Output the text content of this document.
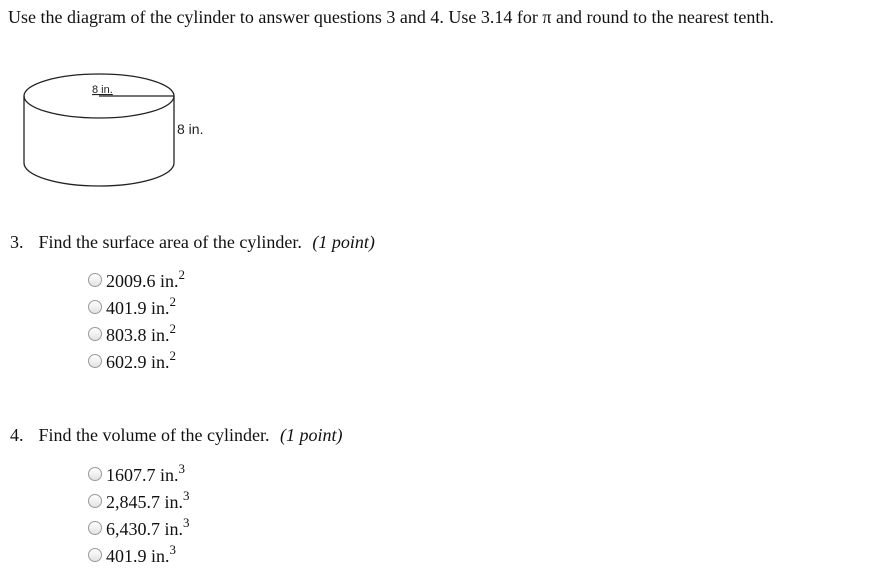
Use the diagram of the cylinder to answer questions 3 and 4. Use 3.14 for π and round to the nearest tenth.
8 in.
8 in.
3. Find the surface area of the cylinder. (1 point)
2009.6 in.$^2$
401.9 in.$^2$
803.8 in.$^2$
602.9 in.$^2$
4. Find the volume of the cylinder. (1 point)
1607.7 in.$^3$
2,845.7 in.$^3$
6,430.7 in.$^3$
401.9 in.$^3$
